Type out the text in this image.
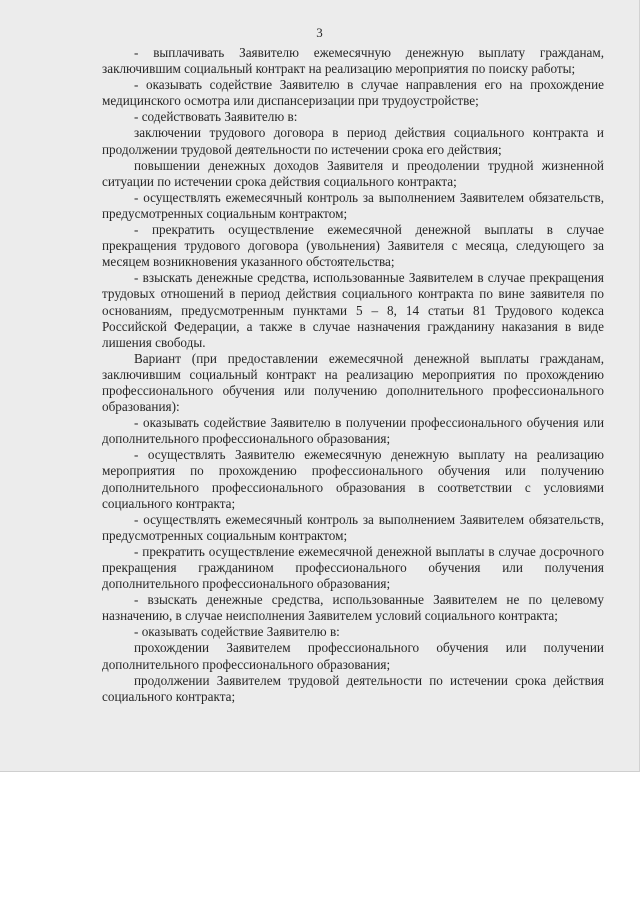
3

- выплачивать Заявителю ежемесячную денежную выплату гражданам, заключившим социальный контракт на реализацию мероприятия по поиску работы;

- оказывать содействие Заявителю в случае направления его на прохождение медицинского осмотра или диспансеризации при трудоустройстве;

- содействовать Заявителю в:

заключении трудового договора в период действия социального контракта и продолжении трудовой деятельности по истечении срока его действия;

повышении денежных доходов Заявителя и преодолении трудной жизненной ситуации по истечении срока действия социального контракта;

- осуществлять ежемесячный контроль за выполнением Заявителем обязательств, предусмотренных социальным контрактом;

- прекратить осуществление ежемесячной денежной выплаты в случае прекращения трудового договора (увольнения) Заявителя с месяца, следующего за месяцем возникновения указанного обстоятельства;

- взыскать денежные средства, использованные Заявителем в случае прекращения трудовых отношений в период действия социального контракта по вине заявителя по основаниям, предусмотренным пунктами 5 – 8, 14 статьи 81 Трудового кодекса Российской Федерации, а также в случае назначения гражданину наказания в виде лишения свободы.

Вариант (при предоставлении ежемесячной денежной выплаты гражданам, заключившим социальный контракт на реализацию мероприятия по прохождению профессионального обучения или получению дополнительного профессионального образования):

- оказывать содействие Заявителю в получении профессионального обучения или дополнительного профессионального образования;

- осуществлять Заявителю ежемесячную денежную выплату на реализацию мероприятия по прохождению профессионального обучения или получению дополнительного профессионального образования в соответствии с условиями социального контракта;

- осуществлять ежемесячный контроль за выполнением Заявителем обязательств, предусмотренных социальным контрактом;

- прекратить осуществление ежемесячной денежной выплаты в случае досрочного прекращения гражданином профессионального обучения или получения дополнительного профессионального образования;

- взыскать денежные средства, использованные Заявителем не по целевому назначению, в случае неисполнения Заявителем условий социального контракта;

- оказывать содействие Заявителю в:

прохождении Заявителем профессионального обучения или получении дополнительного профессионального образования;

продолжении Заявителем трудовой деятельности по истечении срока действия социального контракта;
